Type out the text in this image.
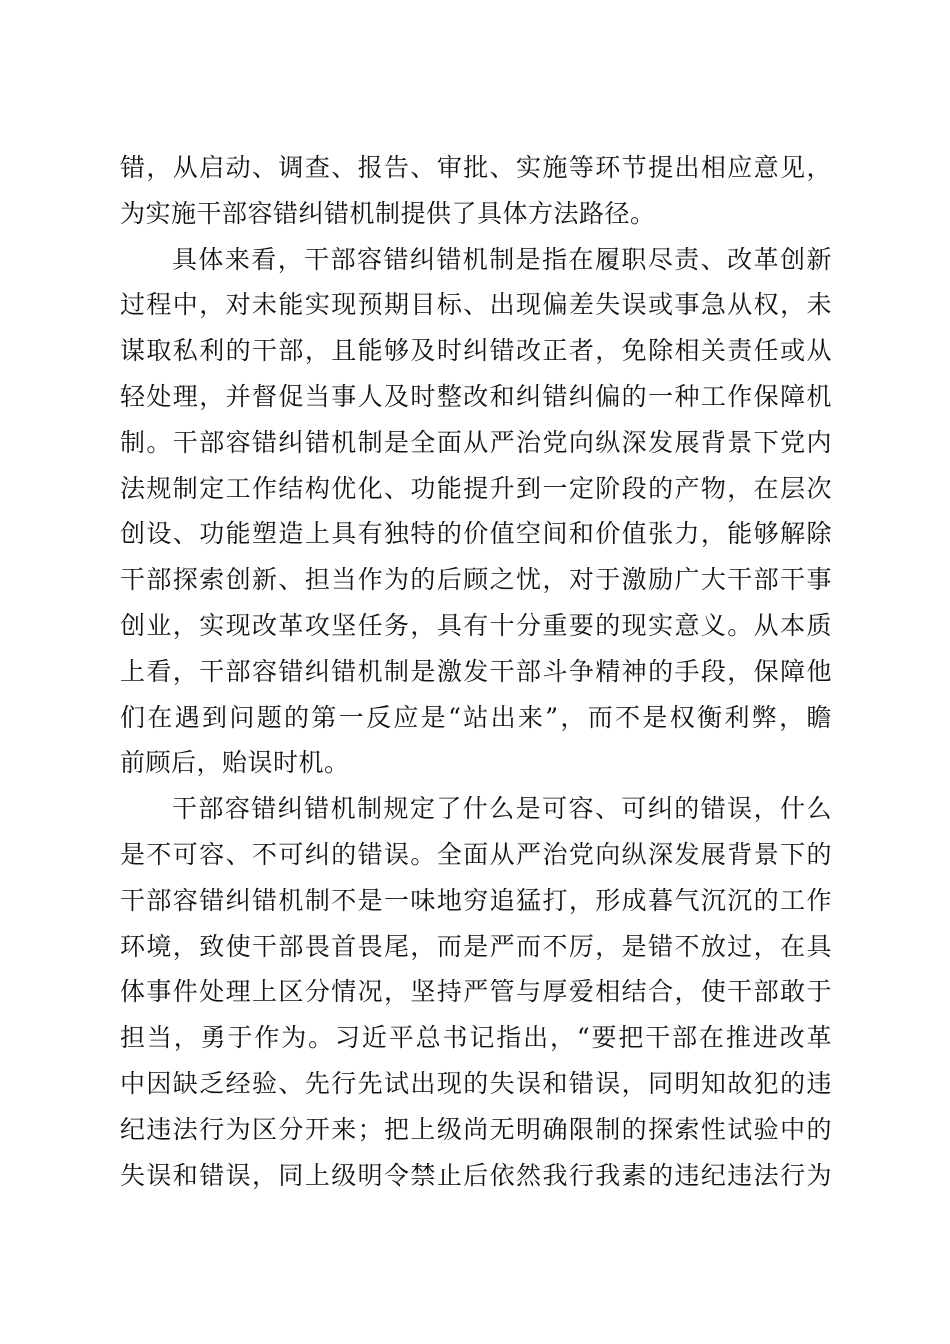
错，从启动、调查、报告、审批、实施等环节提出相应意见，
为实施干部容错纠错机制提供了具体方法路径。
具体来看，干部容错纠错机制是指在履职尽责、改革创新
过程中，对未能实现预期目标、出现偏差失误或事急从权，未
谋取私利的干部，且能够及时纠错改正者，免除相关责任或从
轻处理，并督促当事人及时整改和纠错纠偏的一种工作保障机
制。干部容错纠错机制是全面从严治党向纵深发展背景下党内
法规制定工作结构优化、功能提升到一定阶段的产物，在层次
创设、功能塑造上具有独特的价值空间和价值张力，能够解除
干部探索创新、担当作为的后顾之忧，对于激励广大干部干事
创业，实现改革攻坚任务，具有十分重要的现实意义。从本质
上看，干部容错纠错机制是激发干部斗争精神的手段，保障他
们在遇到问题的第一反应是“站出来”，而不是权衡利弊，瞻
前顾后，贻误时机。
干部容错纠错机制规定了什么是可容、可纠的错误，什么
是不可容、不可纠的错误。全面从严治党向纵深发展背景下的
干部容错纠错机制不是一味地穷追猛打，形成暮气沉沉的工作
环境，致使干部畏首畏尾，而是严而不厉，是错不放过，在具
体事件处理上区分情况，坚持严管与厚爱相结合，使干部敢于
担当，勇于作为。习近平总书记指出，“要把干部在推进改革
中因缺乏经验、先行先试出现的失误和错误，同明知故犯的违
纪违法行为区分开来；把上级尚无明确限制的探索性试验中的
失误和错误，同上级明令禁止后依然我行我素的违纪违法行为
